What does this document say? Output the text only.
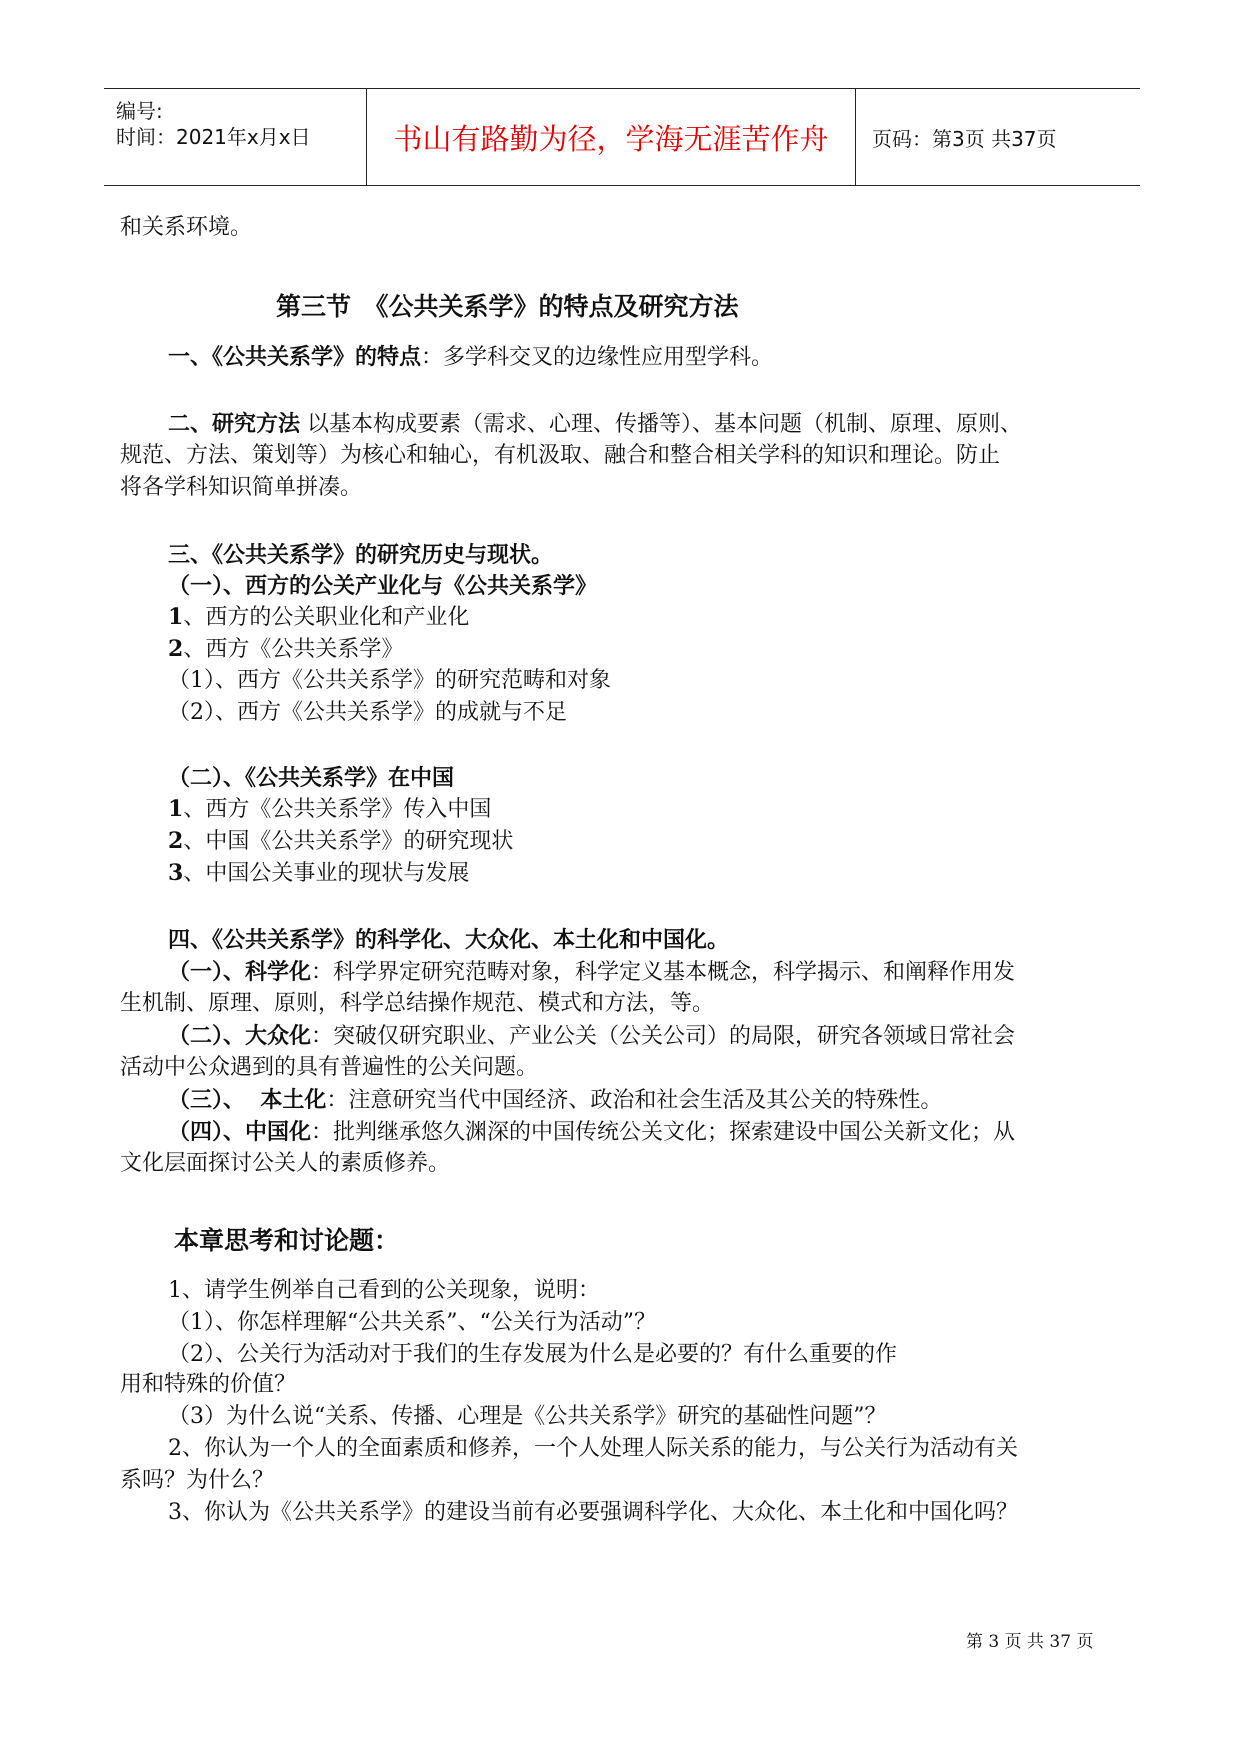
编号:
时间：2021年x月x日	书山有路勤为径，学海无涯苦作舟	页码：第3页 共37页
和关系环境。
第三节　《公共关系学》的特点及研究方法
一、《公共关系学》的特点：多学科交叉的边缘性应用型学科。
二、研究方法 以基本构成要素（需求、心理、传播等）、基本问题（机制、原理、原则、
规范、方法、策划等）为核心和轴心，有机汲取、融合和整合相关学科的知识和理论。防止
将各学科知识简单拼凑。
三、《公共关系学》的研究历史与现状。
（一）、西方的公关产业化与《公共关系学》
1、西方的公关职业化和产业化
2、西方《公共关系学》
（1）、西方《公共关系学》的研究范畴和对象
（2）、西方《公共关系学》的成就与不足
（二）、《公共关系学》在中国
1、西方《公共关系学》传入中国
2、中国《公共关系学》的研究现状
3、中国公关事业的现状与发展
四、《公共关系学》的科学化、大众化、本土化和中国化。
（一）、科学化：科学界定研究范畴对象，科学定义基本概念，科学揭示、和阐释作用发
生机制、原理、原则，科学总结操作规范、模式和方法，等。
（二）、大众化：突破仅研究职业、产业公关（公关公司）的局限，研究各领域日常社会
活动中公众遇到的具有普遍性的公关问题。
（三）、  本土化：注意研究当代中国经济、政治和社会生活及其公关的特殊性。
（四）、中国化：批判继承悠久渊深的中国传统公关文化；探索建设中国公关新文化；从
文化层面探讨公关人的素质修养。
本章思考和讨论题：
1、请学生例举自己看到的公关现象，说明：
（1）、你怎样理解“公共关系”、“公关行为活动”？
（2）、公关行为活动对于我们的生存发展为什么是必要的？有什么重要的作
用和特殊的价值？
（3）为什么说“关系、传播、心理是《公共关系学》研究的基础性问题”？
2、你认为一个人的全面素质和修养，一个人处理人际关系的能力，与公关行为活动有关
系吗？为什么？
3、你认为《公共关系学》的建设当前有必要强调科学化、大众化、本土化和中国化吗？
第 3 页 共 37 页
